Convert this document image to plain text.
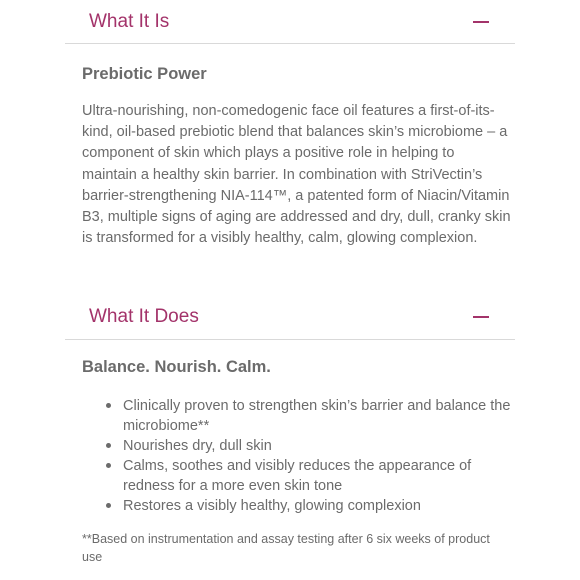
What It Is
Prebiotic Power

Ultra-nourishing, non-comedogenic face oil features a first-of-its-kind, oil-based prebiotic blend that balances skin’s microbiome – a component of skin which plays a positive role in helping to maintain a healthy skin barrier. In combination with StriVectin’s barrier-strengthening NIA-114™, a patented form of Niacin/Vitamin B3, multiple signs of aging are addressed and dry, dull, cranky skin is transformed for a visibly healthy, calm, glowing complexion.

What It Does
Balance. Nourish. Calm.
Clinically proven to strengthen skin’s barrier and balance the microbiome**
Nourishes dry, dull skin
Calms, soothes and visibly reduces the appearance of redness for a more even skin tone
Restores a visibly healthy, glowing complexion

**Based on instrumentation and assay testing after 6 six weeks of product use
